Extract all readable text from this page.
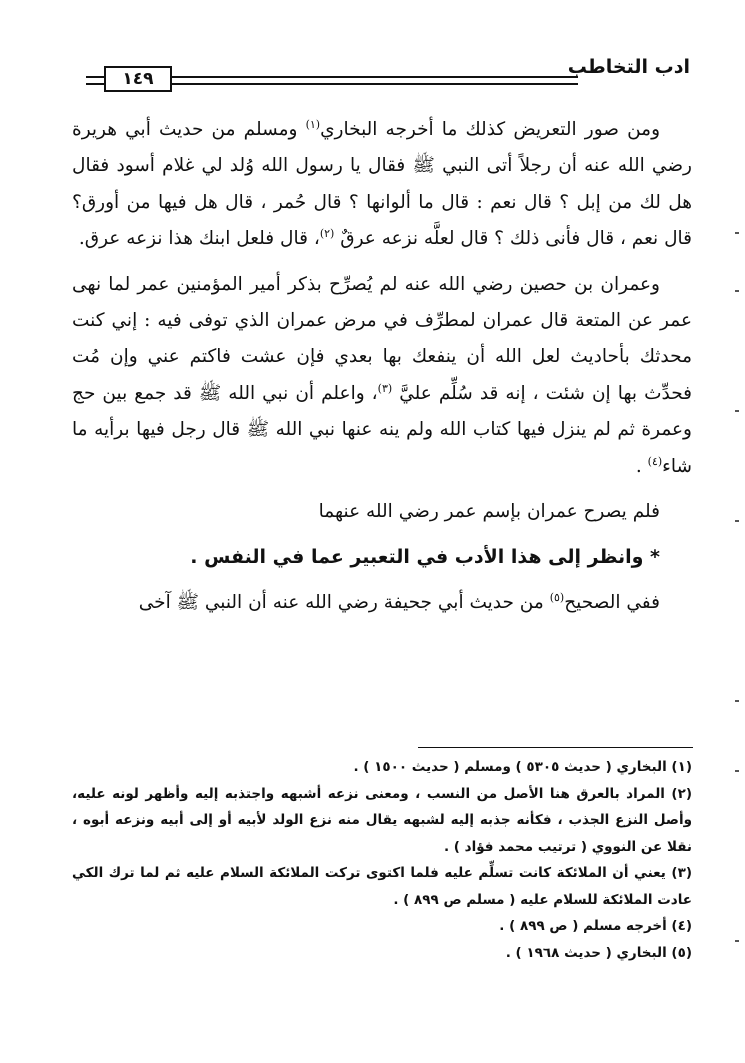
ادب التخاطب
١٤٩

ومن صور التعريض كذلك ما أخرجه البخاري$^{(١)}$ ومسلم من حديث أبي هريرة رضي الله عنه أن رجلاً أتى النبي ﷺ فقال يا رسول الله وُلد لي غلام أسود فقال هل لك من إبل ؟ قال نعم : قال ما ألوانها ؟ قال حُمر ، قال هل فيها من أورق؟ قال نعم ، قال فأنى ذلك ؟ قال لعلَّه نزعه عرقٌ $^{(٢)}$، قال فلعل ابنك هذا نزعه عرق.

وعمران بن حصين رضي الله عنه لم يُصرِّح بذكر أمير المؤمنين عمر لما نهى عمر عن المتعة قال عمران لمطرِّف في مرض عمران الذي توفى فيه : إني كنت محدثك بأحاديث لعل الله أن ينفعك بها بعدي فإن عشت فاكتم عني وإن مُت فحدِّث بها إن شئت ، إنه قد سُلِّم عليَّ $^{(٣)}$، واعلم أن نبي الله ﷺ قد جمع بين حج وعمرة ثم لم ينزل فيها كتاب الله ولم ينه عنها نبي الله ﷺ قال رجل فيها برأيه ما شاء$^{(٤)}$ .

فلم يصرح عمران بإسم عمر رضي الله عنهما

* وانظر إلى هذا الأدب في التعبير عما في النفس .

ففي الصحيح$^{(٥)}$ من حديث أبي جحيفة رضي الله عنه أن النبي ﷺ آخى

(١) البخاري ( حديث ٥٣٠٥ ) ومسلم ( حديث ١٥٠٠ ) .
(٢) المراد بالعرق هنا الأصل من النسب ، ومعنى نزعه أشبهه واجتذبه إليه وأظهر لونه عليه، وأصل النزع الجذب ، فكأنه جذبه إليه لشبهه يقال منه نزع الولد لأبيه أو إلى أبيه ونزعه أبوه ، نقلا عن النووي ( ترتيب محمد فؤاد ) .
(٣) يعني أن الملائكة كانت تسلِّم عليه فلما اكتوى تركت الملائكة السلام عليه ثم لما ترك الكي عادت الملائكة للسلام عليه ( مسلم ص ٨٩٩ ) .
(٤) أخرجه مسلم ( ص ٨٩٩ ) .
(٥) البخاري ( حديث ١٩٦٨ ) .
